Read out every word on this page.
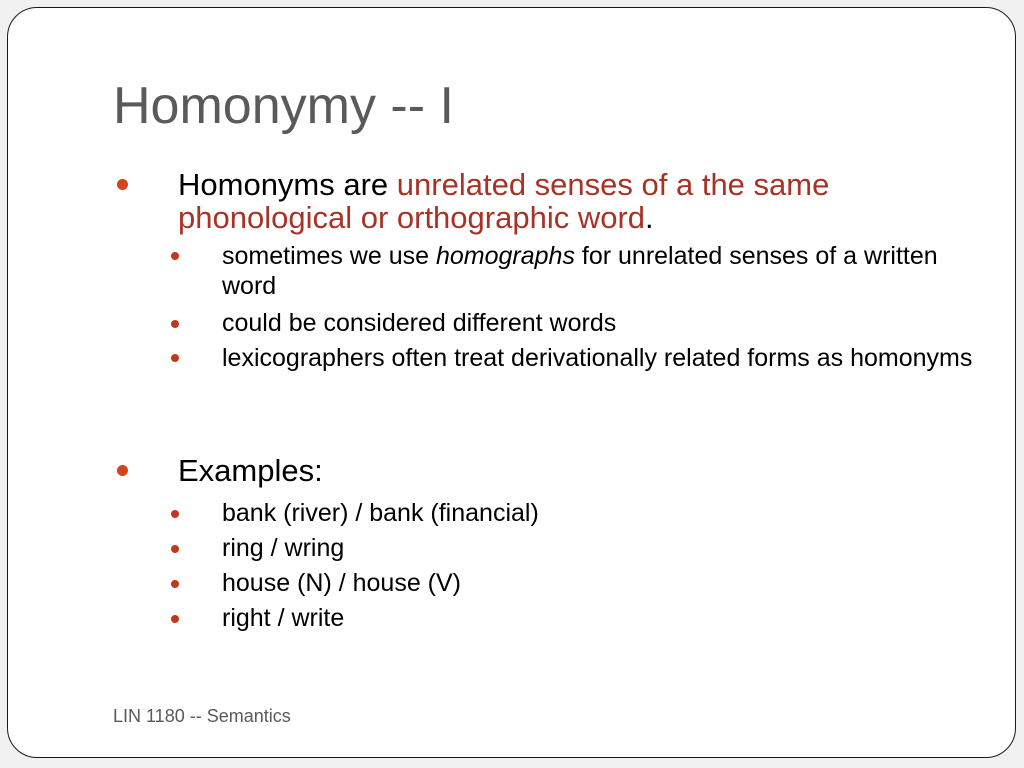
Homonymy -- I
Homonyms are unrelated senses of a the same phonological or orthographic word.
sometimes we use homographs for unrelated senses of a written word
could be considered different words
lexicographers often treat derivationally related forms as homonyms
Examples:
bank (river) / bank (financial)
ring / wring
house (N) / house (V)
right / write
LIN 1180 -- Semantics
